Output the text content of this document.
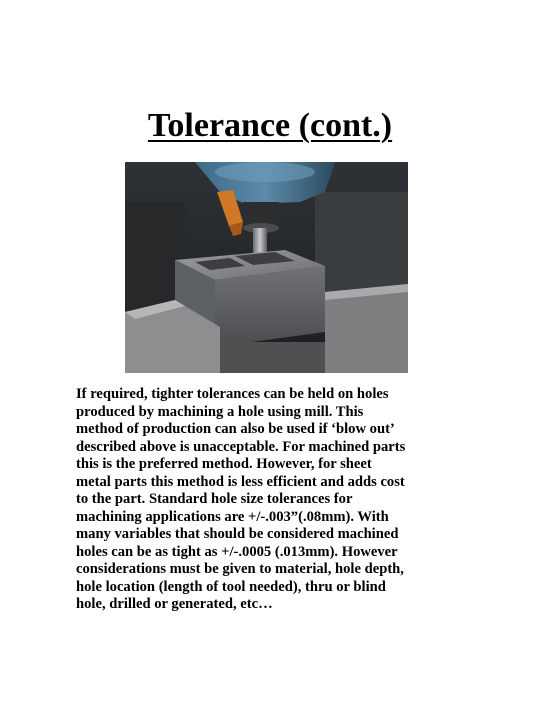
Tolerance (cont.)

If required, tighter tolerances can be held on holes
produced by machining a hole using mill. This
method of production can also be used if ‘blow out’
described above is unacceptable. For machined parts
this is the preferred method. However, for sheet
metal parts this method is less efficient and adds cost
to the part. Standard hole size tolerances for
machining applications are +/-.003”(.08mm). With
many variables that should be considered machined
holes can be as tight as +/-.0005 (.013mm). However
considerations must be given to material, hole depth,
hole location (length of tool needed), thru or blind
hole, drilled or generated, etc…
